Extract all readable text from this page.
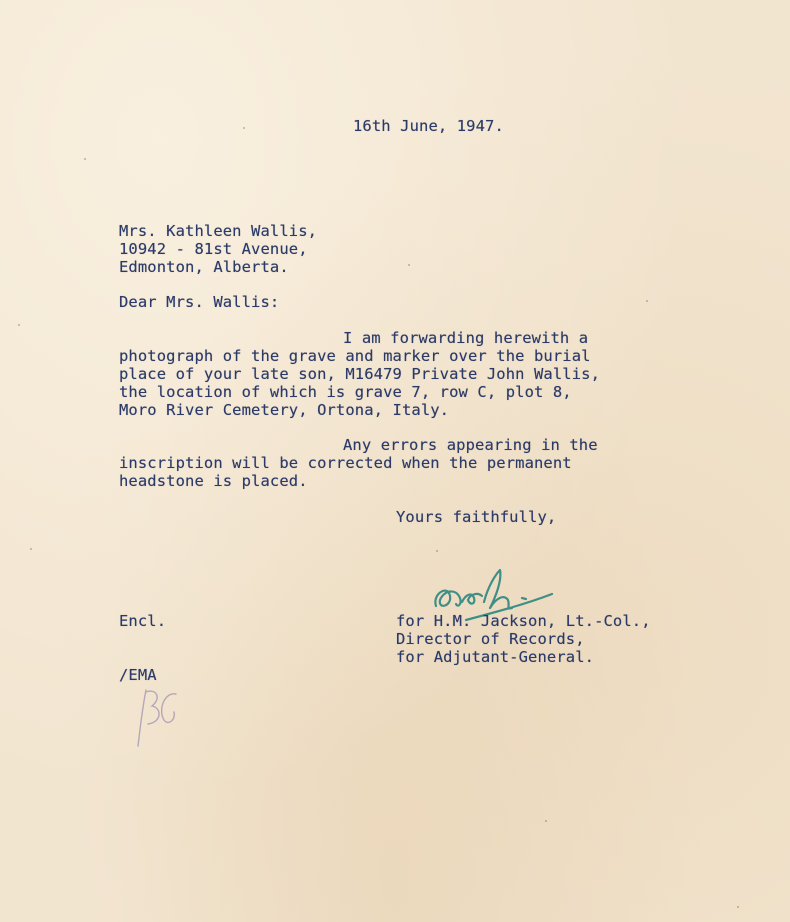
16th June, 1947.
Mrs. Kathleen Wallis,
10942 - 81st Avenue,
Edmonton, Alberta.
Dear Mrs. Wallis:
I am forwarding herewith a
photograph of the grave and marker over the burial
place of your late son, M16479 Private John Wallis,
the location of which is grave 7, row C, plot 8,
Moro River Cemetery, Ortona, Italy.
Any errors appearing in the
inscription will be corrected when the permanent
headstone is placed.
Yours faithfully,
Encl.	for H.M. Jackson, Lt.-Col.,
Director of Records,
for Adjutant-General.
/EMA
